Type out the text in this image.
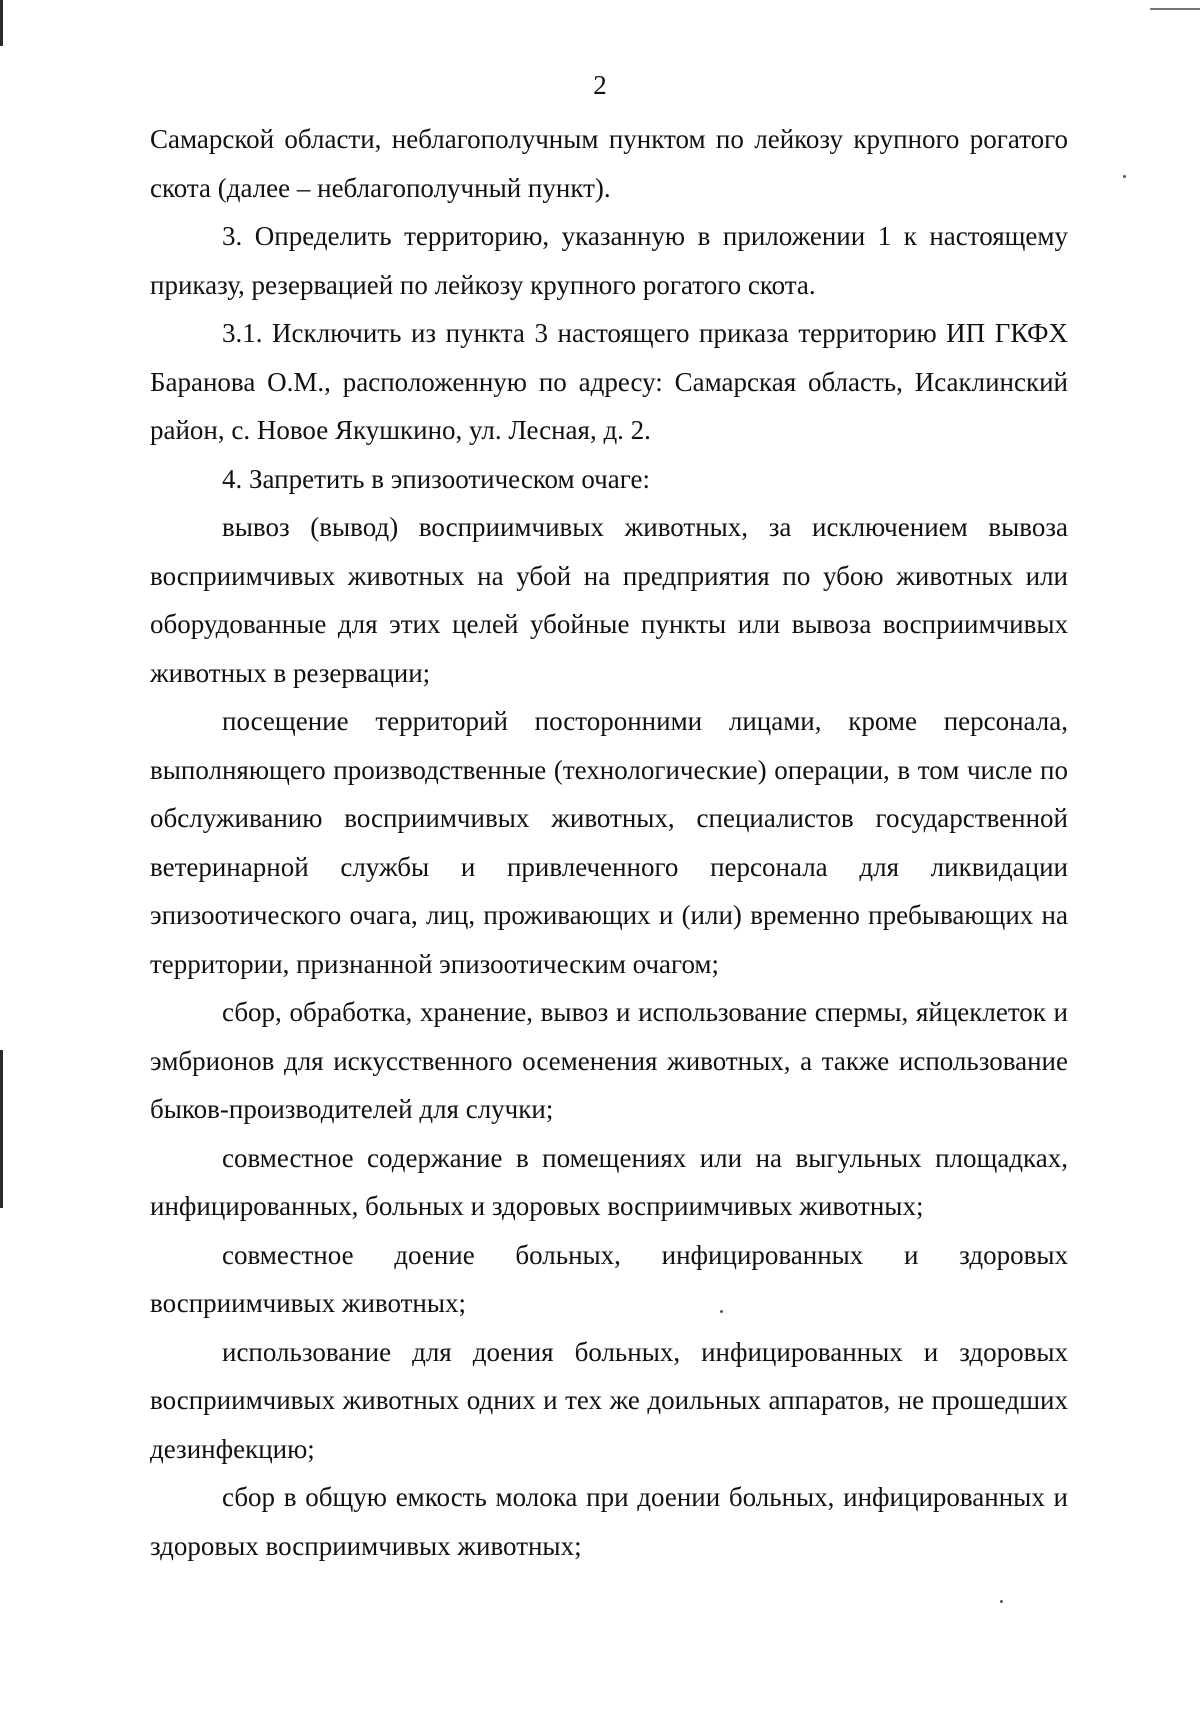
2

Самарской области, неблагополучным пунктом по лейкозу крупного рогатого скота (далее – неблагополучный пункт).

3. Определить территорию, указанную в приложении 1 к настоящему приказу, резервацией по лейкозу крупного рогатого скота.

3.1. Исключить из пункта 3 настоящего приказа территорию ИП ГКФХ Баранова О.М., расположенную по адресу: Самарская область, Исаклинский район, с. Новое Якушкино, ул. Лесная, д. 2.

4. Запретить в эпизоотическом очаге:

вывоз (вывод) восприимчивых животных, за исключением вывоза восприимчивых животных на убой на предприятия по убою животных или оборудованные для этих целей убойные пункты или вывоза восприимчивых животных в резервации;

посещение территорий посторонними лицами, кроме персонала, выполняющего производственные (технологические) операции, в том числе по обслуживанию восприимчивых животных, специалистов государственной ветеринарной службы и привлеченного персонала для ликвидации эпизоотического очага, лиц, проживающих и (или) временно пребывающих на территории, признанной эпизоотическим очагом;

сбор, обработка, хранение, вывоз и использование спермы, яйцеклеток и эмбрионов для искусственного осеменения животных, а также использование быков-производителей для случки;

совместное содержание в помещениях или на выгульных площадках, инфицированных, больных и здоровых восприимчивых животных;

совместное доение больных, инфицированных и здоровых восприимчивых животных;

использование для доения больных, инфицированных и здоровых восприимчивых животных одних и тех же доильных аппаратов, не прошедших дезинфекцию;

сбор в общую емкость молока при доении больных, инфицированных и здоровых восприимчивых животных;
